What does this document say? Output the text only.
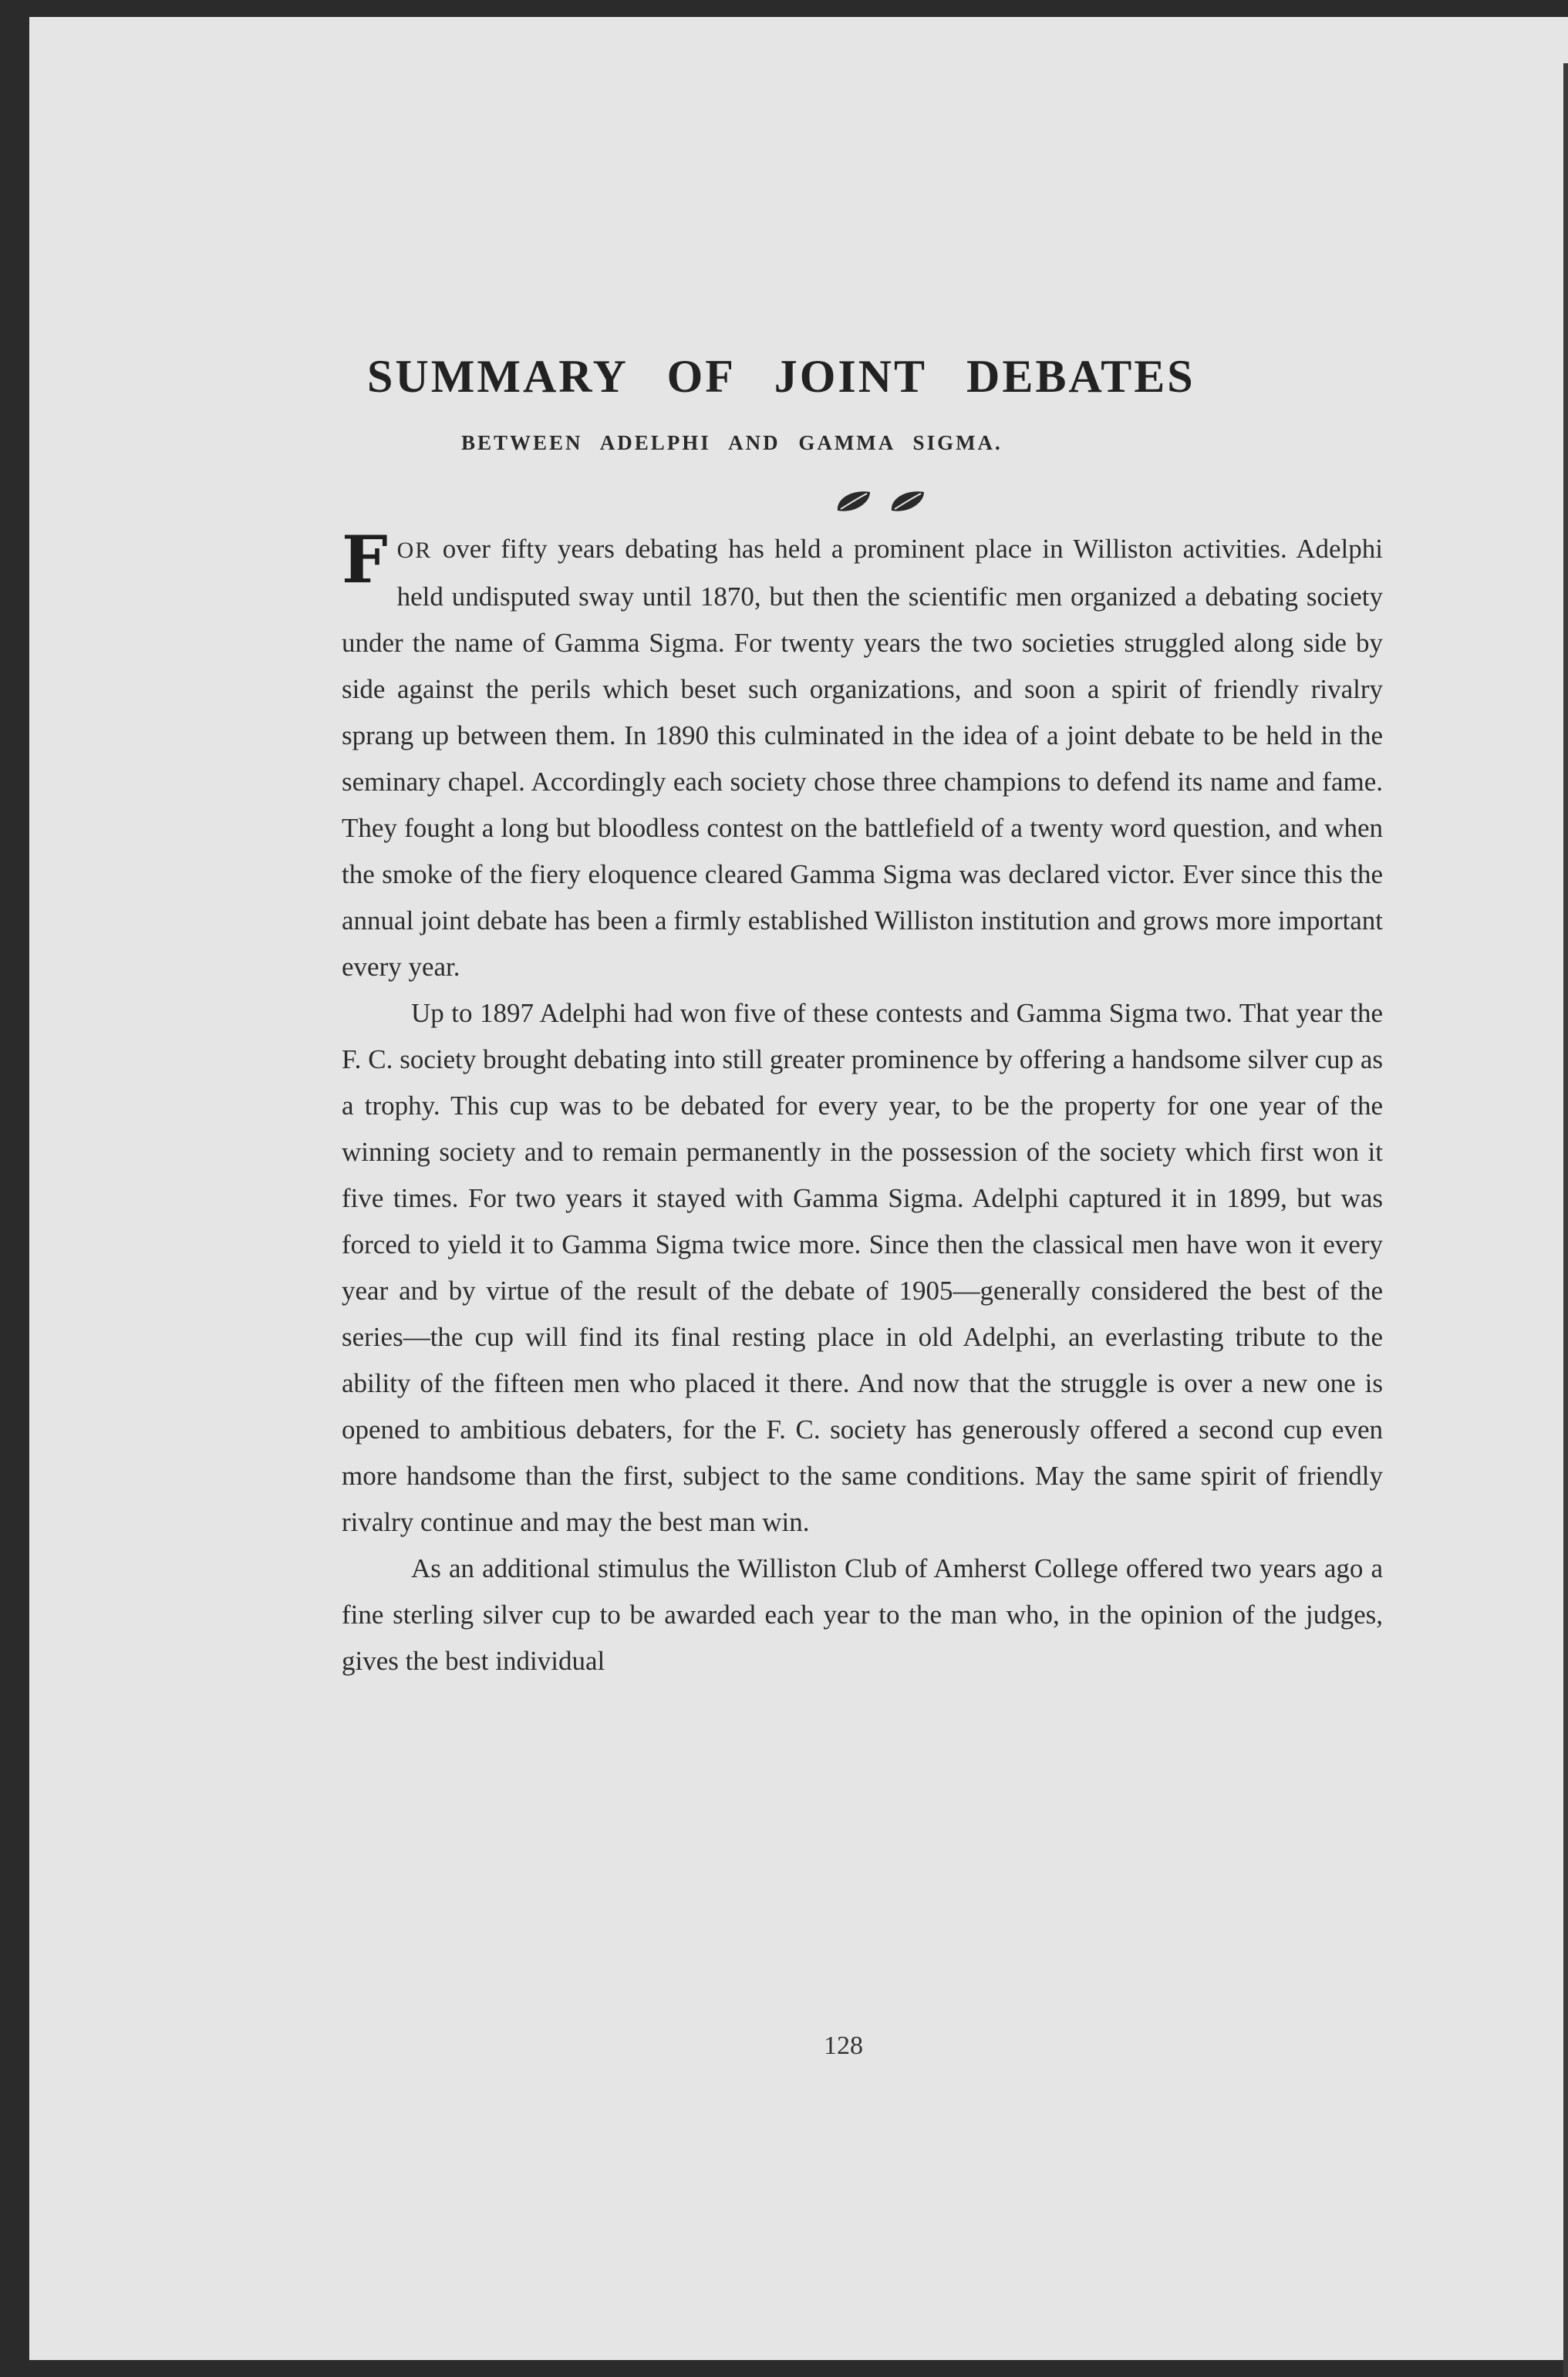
SUMMARY OF JOINT DEBATES
BETWEEN ADELPHI AND GAMMA SIGMA.

FOR over fifty years debating has held a prominent place in Williston activities. Adelphi held undisputed sway until 1870, but then the scientific men organized a debating society under the name of Gamma Sigma. For twenty years the two societies struggled along side by side against the perils which beset such organizations, and soon a spirit of friendly rivalry sprang up between them. In 1890 this culminated in the idea of a joint debate to be held in the seminary chapel. Accordingly each society chose three champions to defend its name and fame. They fought a long but bloodless contest on the battlefield of a twenty word question, and when the smoke of the fiery eloquence cleared Gamma Sigma was declared victor. Ever since this the annual joint debate has been a firmly established Williston institution and grows more important every year.

Up to 1897 Adelphi had won five of these contests and Gamma Sigma two. That year the F. C. society brought debating into still greater prominence by offering a handsome silver cup as a trophy. This cup was to be debated for every year, to be the property for one year of the winning society and to remain permanently in the possession of the society which first won it five times. For two years it stayed with Gamma Sigma. Adelphi captured it in 1899, but was forced to yield it to Gamma Sigma twice more. Since then the classical men have won it every year and by virtue of the result of the debate of 1905—generally considered the best of the series—the cup will find its final resting place in old Adelphi, an everlasting tribute to the ability of the fifteen men who placed it there. And now that the struggle is over a new one is opened to ambitious debaters, for the F. C. society has generously offered a second cup even more handsome than the first, subject to the same conditions. May the same spirit of friendly rivalry continue and may the best man win.

As an additional stimulus the Williston Club of Amherst College offered two years ago a fine sterling silver cup to be awarded each year to the man who, in the opinion of the judges, gives the best individual

128
